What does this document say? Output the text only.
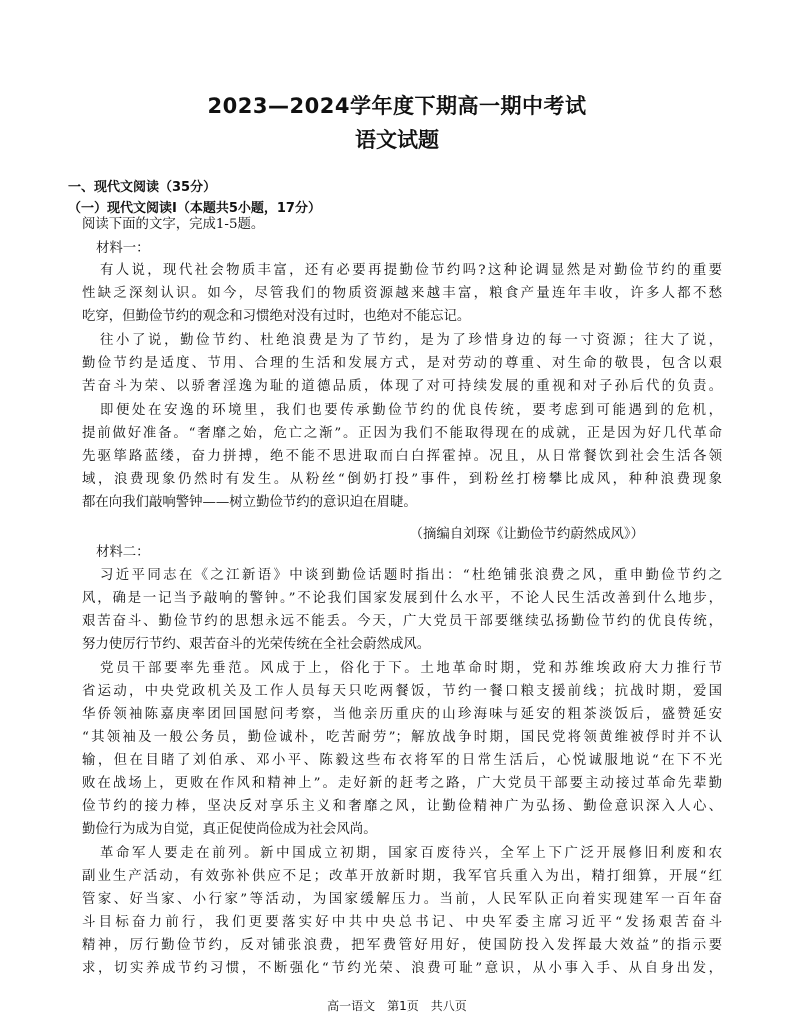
2023—2024学年度下期高一期中考试
语文试题
一、现代文阅读（35分）
（一）现代文阅读Ⅰ（本题共5小题，17分）
阅读下面的文字，完成1-5题。
材料一：
有人说，现代社会物质丰富，还有必要再提勤俭节约吗?这种论调显然是对勤俭节约的重要
性缺乏深刻认识。如今，尽管我们的物质资源越来越丰富，粮食产量连年丰收，许多人都不愁
吃穿，但勤俭节约的观念和习惯绝对没有过时，也绝对不能忘记。
往小了说，勤俭节约、杜绝浪费是为了节约，是为了珍惜身边的每一寸资源；往大了说，
勤俭节约是适度、节用、合理的生活和发展方式，是对劳动的尊重、对生命的敬畏，包含以艰
苦奋斗为荣、以骄奢淫逸为耻的道德品质，体现了对可持续发展的重视和对子孙后代的负责。
即便处在安逸的环境里，我们也要传承勤俭节约的优良传统，要考虑到可能遇到的危机，
提前做好准备。“奢靡之始，危亡之渐”。正因为我们不能取得现在的成就，正是因为好几代革命
先驱筚路蓝缕，奋力拼搏，绝不能不思进取而白白挥霍掉。况且，从日常餐饮到社会生活各领
域，浪费现象仍然时有发生。从粉丝“倒奶打投”事件，到粉丝打榜攀比成风，种种浪费现象
都在向我们敲响警钟——树立勤俭节约的意识迫在眉睫。
（摘编自刘琛《让勤俭节约蔚然成风》）
材料二：
习近平同志在《之江新语》中谈到勤俭话题时指出：“杜绝铺张浪费之风，重申勤俭节约之
风，确是一记当予敲响的警钟。”不论我们国家发展到什么水平，不论人民生活改善到什么地步，
艰苦奋斗、勤俭节约的思想永远不能丢。今天，广大党员干部要继续弘扬勤俭节约的优良传统，
努力使厉行节约、艰苦奋斗的光荣传统在全社会蔚然成风。
党员干部要率先垂范。风成于上，俗化于下。土地革命时期，党和苏维埃政府大力推行节
省运动，中央党政机关及工作人员每天只吃两餐饭，节约一餐口粮支援前线；抗战时期，爱国
华侨领袖陈嘉庚率团回国慰问考察，当他亲历重庆的山珍海味与延安的粗茶淡饭后，盛赞延安
“其领袖及一般公务员，勤俭诚朴，吃苦耐劳”；解放战争时期，国民党将领黄维被俘时并不认
输，但在目睹了刘伯承、邓小平、陈毅这些布衣将军的日常生活后，心悦诚服地说“在下不光
败在战场上，更败在作风和精神上”。走好新的赶考之路，广大党员干部要主动接过革命先辈勤
俭节约的接力棒，坚决反对享乐主义和奢靡之风，让勤俭精神广为弘扬、勤俭意识深入人心、
勤俭行为成为自觉，真正促使尚俭成为社会风尚。
革命军人要走在前列。新中国成立初期，国家百废待兴，全军上下广泛开展修旧利废和农
副业生产活动，有效弥补供应不足；改革开放新时期，我军官兵重入为出，精打细算，开展“红
管家、好当家、小行家”等活动，为国家缓解压力。当前，人民军队正向着实现建军一百年奋
斗目标奋力前行，我们更要落实好中共中央总书记、中央军委主席习近平“发扬艰苦奋斗
精神，厉行勤俭节约，反对铺张浪费，把军费管好用好，使国防投入发挥最大效益”的指示要
求，切实养成节约习惯，不断强化“节约光荣、浪费可耻”意识，从小事入手、从自身出发，
高一语文　第1页　共八页
